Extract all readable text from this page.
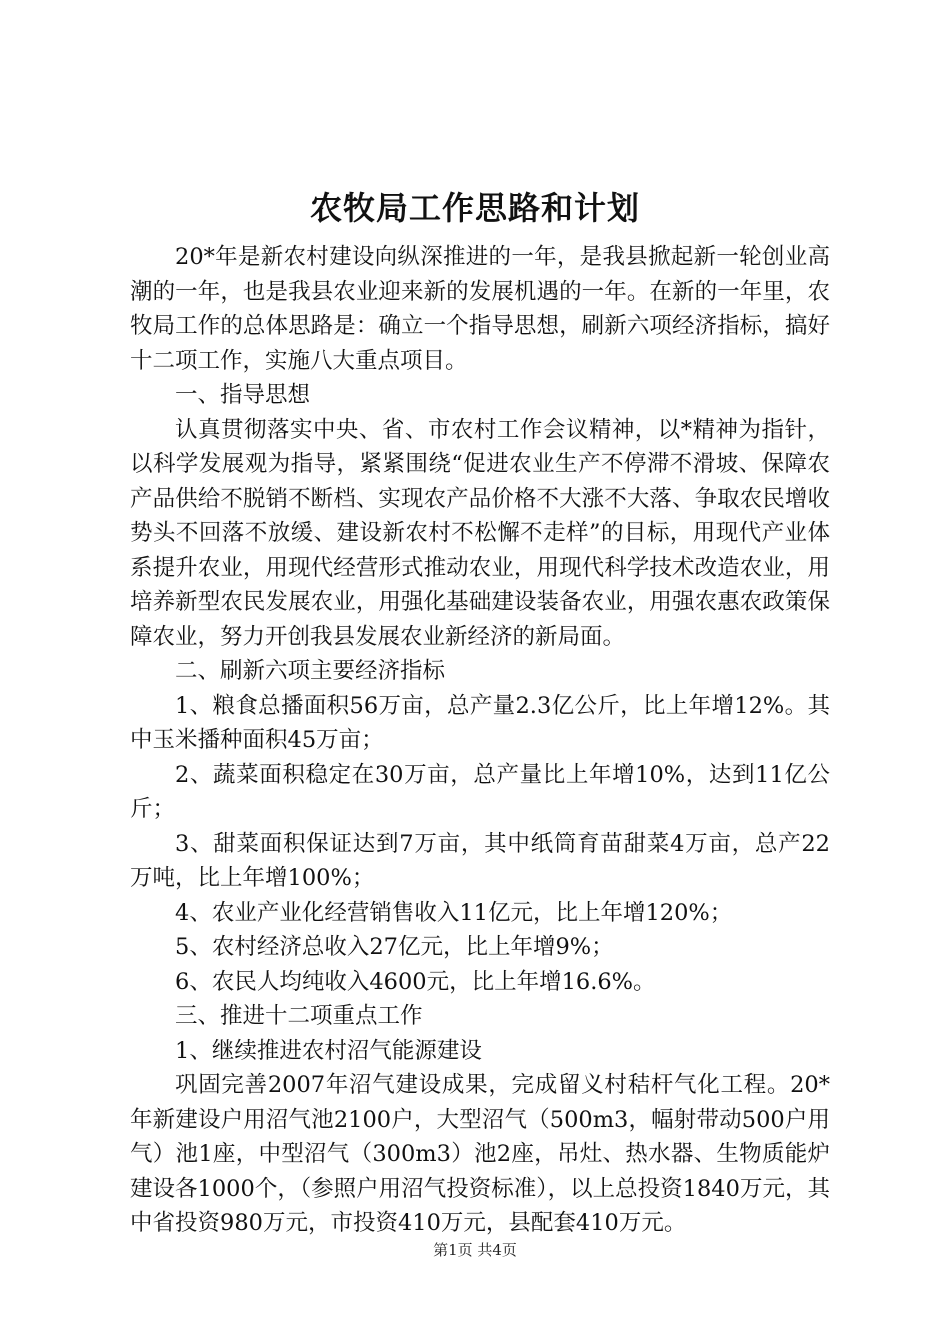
农牧局工作思路和计划

20*年是新农村建设向纵深推进的一年，是我县掀起新一轮创业高潮的一年，也是我县农业迎来新的发展机遇的一年。在新的一年里，农牧局工作的总体思路是：确立一个指导思想，刷新六项经济指标，搞好十二项工作，实施八大重点项目。

一、指导思想

认真贯彻落实中央、省、市农村工作会议精神，以*精神为指针，以科学发展观为指导，紧紧围绕“促进农业生产不停滞不滑坡、保障农产品供给不脱销不断档、实现农产品价格不大涨不大落、争取农民增收势头不回落不放缓、建设新农村不松懈不走样”的目标，用现代产业体系提升农业，用现代经营形式推动农业，用现代科学技术改造农业，用培养新型农民发展农业，用强化基础建设装备农业，用强农惠农政策保障农业，努力开创我县发展农业新经济的新局面。

二、刷新六项主要经济指标

1、粮食总播面积56万亩，总产量2.3亿公斤，比上年增12%。其中玉米播种面积45万亩；

2、蔬菜面积稳定在30万亩，总产量比上年增10%，达到11亿公斤；

3、甜菜面积保证达到7万亩，其中纸筒育苗甜菜4万亩，总产22万吨，比上年增100%；

4、农业产业化经营销售收入11亿元，比上年增120%；

5、农村经济总收入27亿元，比上年增9%；

6、农民人均纯收入4600元，比上年增16.6%。

三、推进十二项重点工作

1、继续推进农村沼气能源建设

巩固完善2007年沼气建设成果，完成留义村秸杆气化工程。20*年新建设户用沼气池2100户，大型沼气（500m3，幅射带动500户用气）池1座，中型沼气（300m3）池2座，吊灶、热水器、生物质能炉建设各1000个，（参照户用沼气投资标准），以上总投资1840万元，其中省投资980万元，市投资410万元，县配套410万元。

第1页 共4页
